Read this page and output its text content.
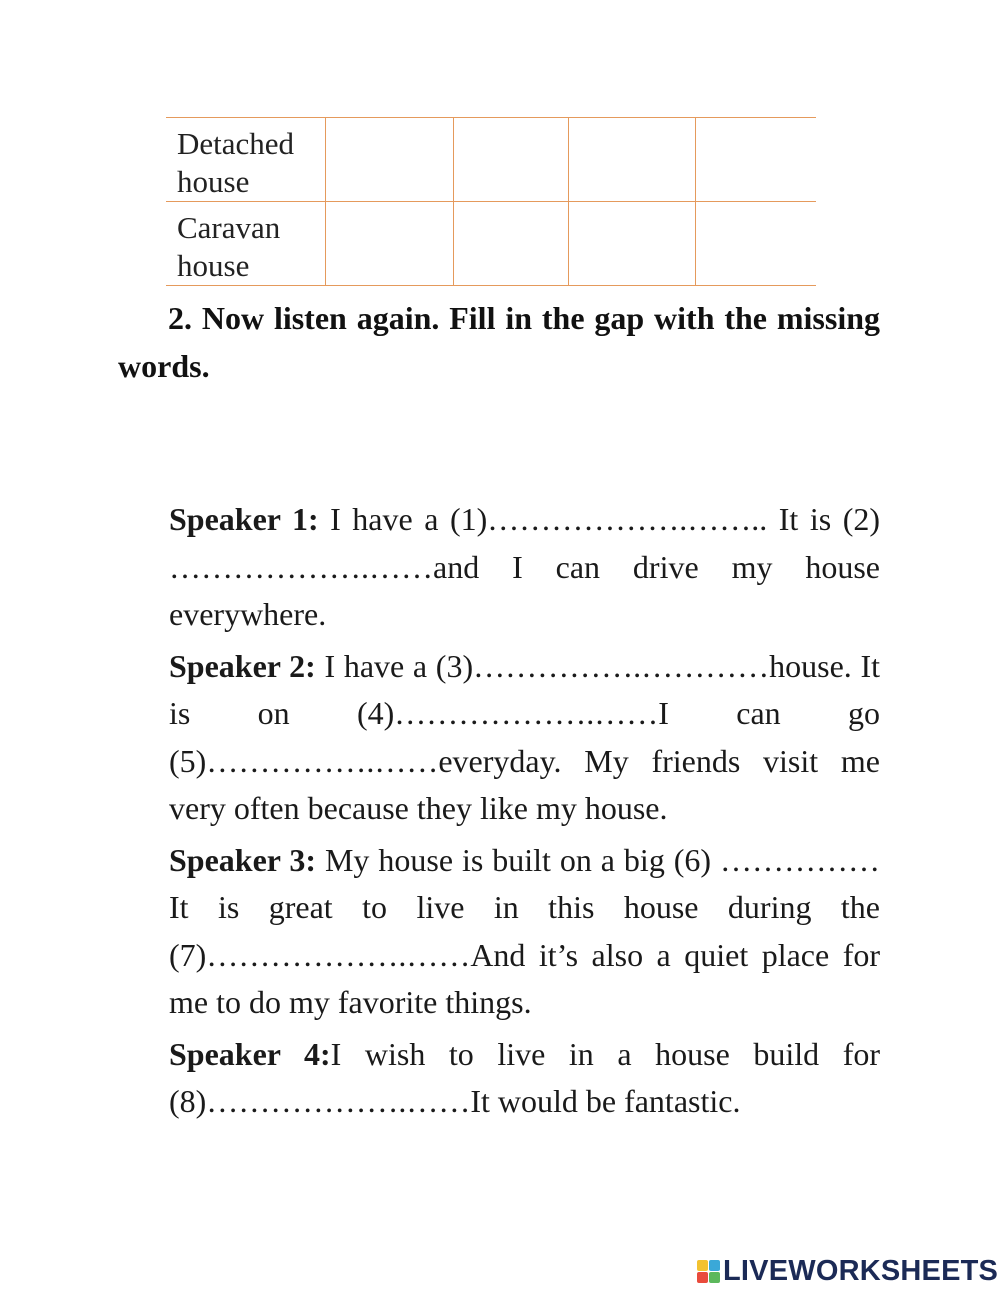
Detached
house				

Caravan
house				

2. Now listen again. Fill in the gap with the missing words.

Speaker 1: I have a (1)……………….…….. It is (2) ……………….……and I can drive my house everywhere.

Speaker 2: I have a (3)…………….…………house. It is on (4)……………….……I can go (5)…………….……everyday. My friends visit me very often because they like my house.

Speaker 3: My house is built on a big (6) ……………It is great to live in this house during the (7)……………….……And it’s also a quiet place for me to do my favorite things.

Speaker 4:I wish to live in a house build for (8)……………….……It would be fantastic.

LIVEWORKSHEETS
